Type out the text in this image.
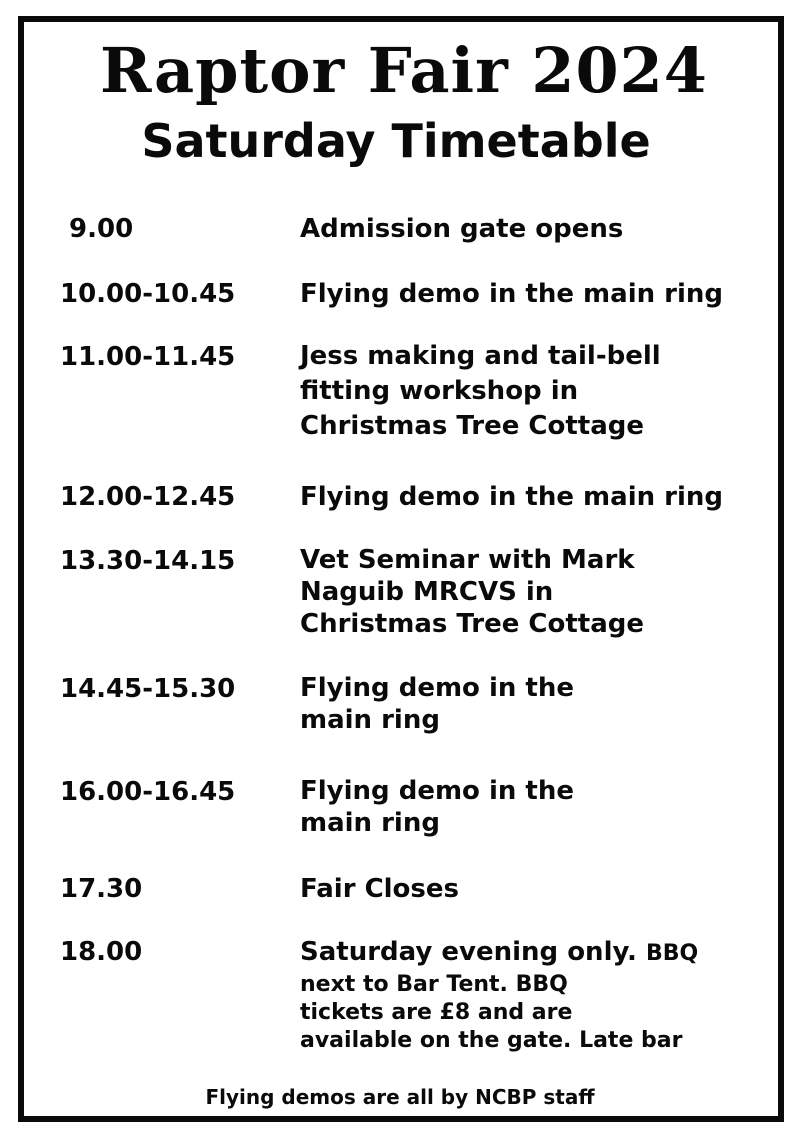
Raptor Fair 2024
Saturday Timetable
9.00	Admission gate opens
10.00-10.45 Flying demo in the main ring
11.00-11.45 Jess making and tail-bell
fitting workshop in
Christmas Tree Cottage
12.00-12.45 Flying demo in the main ring
13.30-14.15 Vet Seminar with Mark
Naguib MRCVS in
Christmas Tree Cottage
14.45-15.30 Flying demo in the
main ring
16.00-16.45 Flying demo in the
main ring
17.30	Fair Closes
18.00	Saturday evening only. BBQ
next to Bar Tent. BBQ
tickets are £8 and are
available on the gate. Late bar
Flying demos are all by NCBP staff
